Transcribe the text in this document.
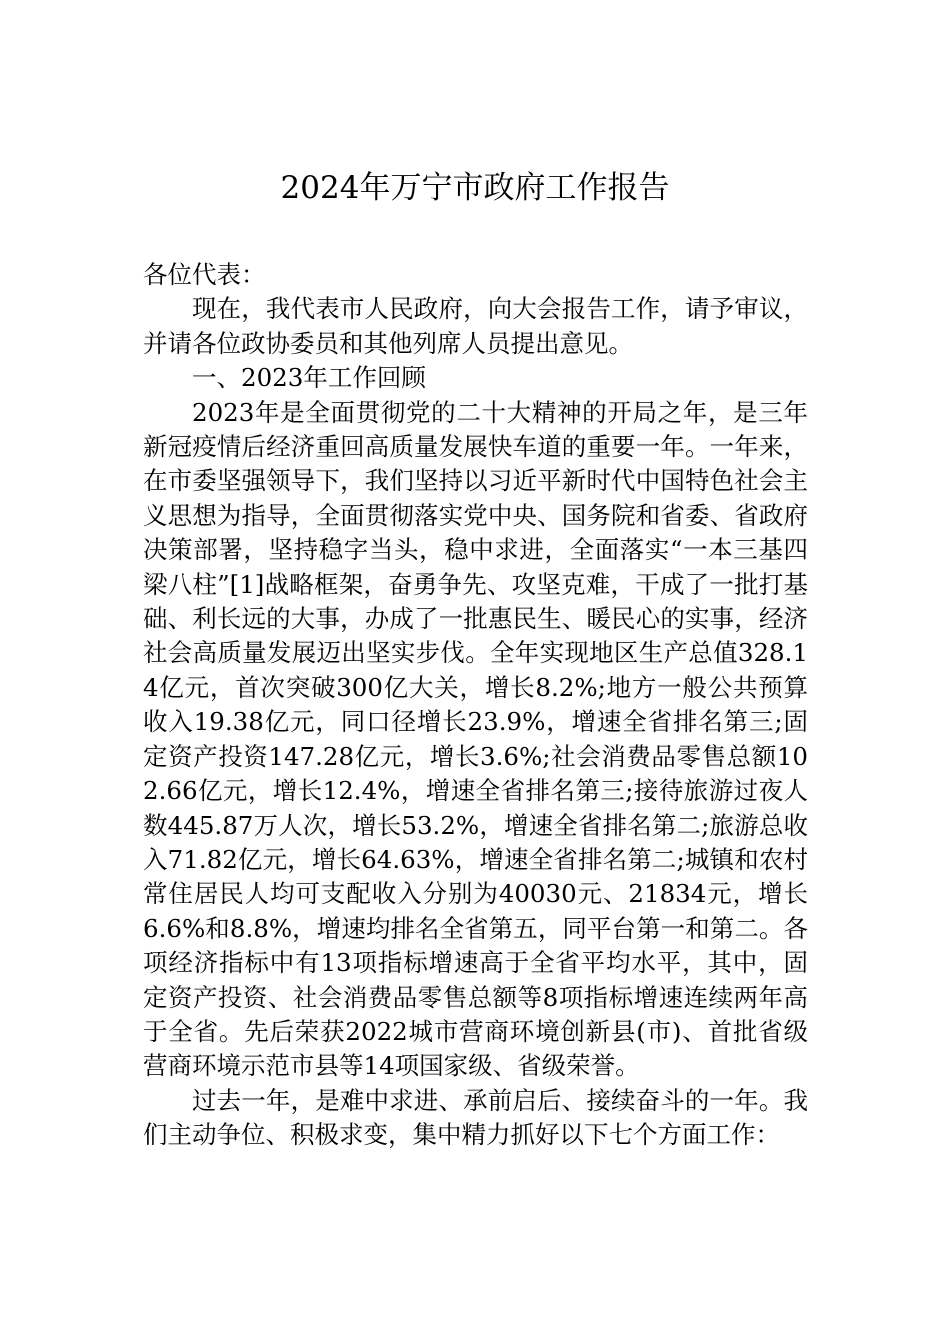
2024年万宁市政府工作报告

各位代表：

现在，我代表市人民政府，向大会报告工作，请予审议，并请各位政协委员和其他列席人员提出意见。

一、2023年工作回顾

2023年是全面贯彻党的二十大精神的开局之年，是三年新冠疫情后经济重回高质量发展快车道的重要一年。一年来，在市委坚强领导下，我们坚持以习近平新时代中国特色社会主义思想为指导，全面贯彻落实党中央、国务院和省委、省政府决策部署，坚持稳字当头，稳中求进，全面落实“一本三基四梁八柱”[1]战略框架，奋勇争先、攻坚克难，干成了一批打基础、利长远的大事，办成了一批惠民生、暖民心的实事，经济社会高质量发展迈出坚实步伐。全年实现地区生产总值328.14亿元，首次突破300亿大关，增长8.2%;地方一般公共预算收入19.38亿元，同口径增长23.9%，增速全省排名第三;固定资产投资147.28亿元，增长3.6%;社会消费品零售总额102.66亿元，增长12.4%，增速全省排名第三;接待旅游过夜人数445.87万人次，增长53.2%，增速全省排名第二;旅游总收入71.82亿元，增长64.63%，增速全省排名第二;城镇和农村常住居民人均可支配收入分别为40030元、21834元，增长6.6%和8.8%，增速均排名全省第五，同平台第一和第二。各项经济指标中有13项指标增速高于全省平均水平，其中，固定资产投资、社会消费品零售总额等8项指标增速连续两年高于全省。先后荣获2022城市营商环境创新县(市)、首批省级营商环境示范市县等14项国家级、省级荣誉。

过去一年，是难中求进、承前启后、接续奋斗的一年。我们主动争位、积极求变，集中精力抓好以下七个方面工作：
